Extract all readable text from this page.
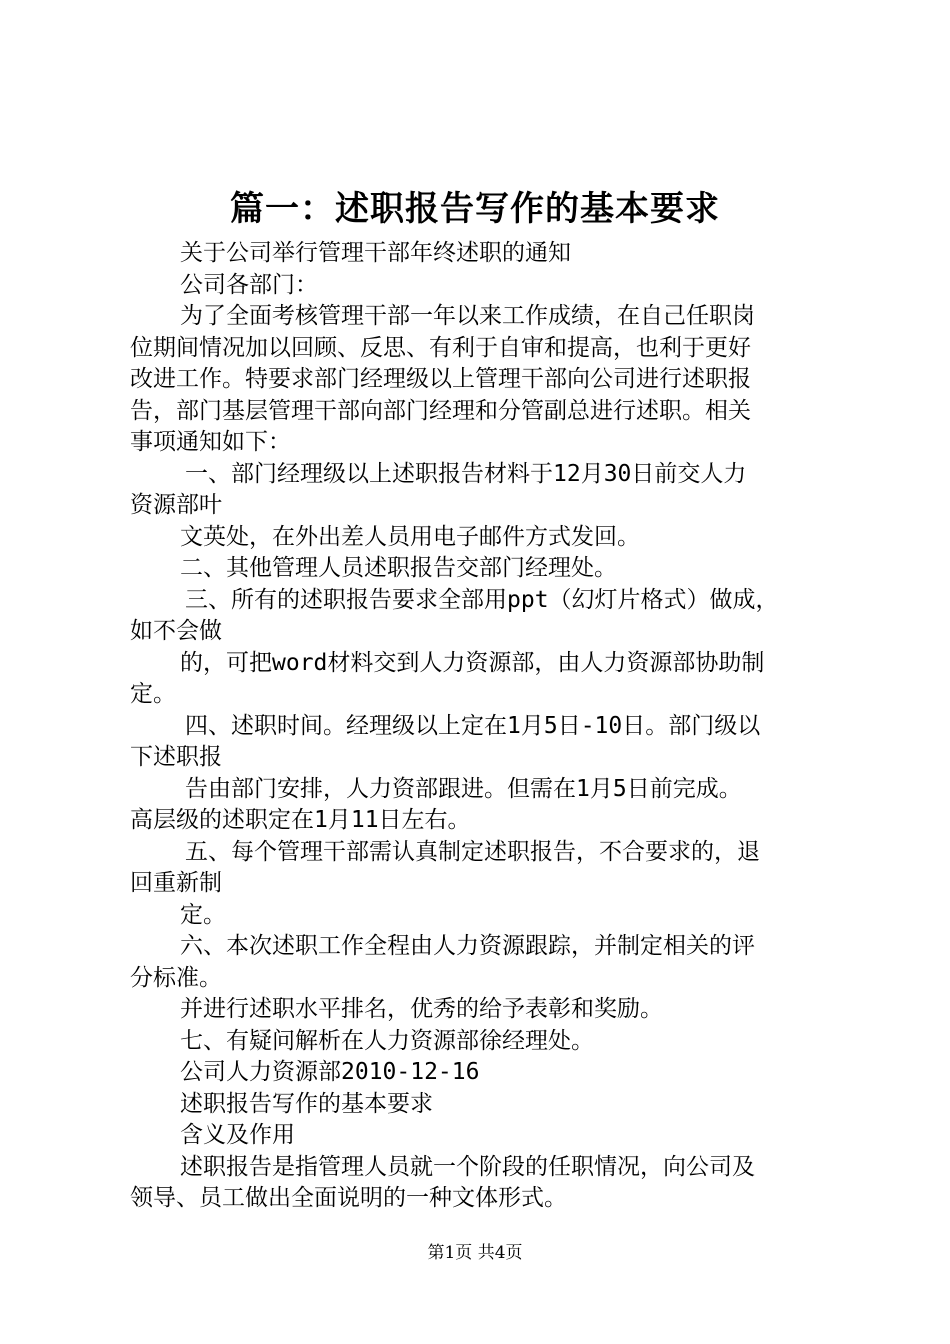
篇一：述职报告写作的基本要求

关于公司举行管理干部年终述职的通知

公司各部门：

为了全面考核管理干部一年以来工作成绩，在自己任职岗

位期间情况加以回顾、反思、有利于自审和提高，也利于更好

改进工作。特要求部门经理级以上管理干部向公司进行述职报

告，部门基层管理干部向部门经理和分管副总进行述职。相关

事项通知如下：

一、部门经理级以上述职报告材料于12月30日前交人力

资源部叶

文英处，在外出差人员用电子邮件方式发回。

二、其他管理人员述职报告交部门经理处。

三、所有的述职报告要求全部用ppt（幻灯片格式）做成，

如不会做

的，可把word材料交到人力资源部，由人力资源部协助制

定。

四、述职时间。经理级以上定在1月5日-10日。部门级以

下述职报

告由部门安排，人力资部跟进。但需在1月5日前完成。

高层级的述职定在1月11日左右。

五、每个管理干部需认真制定述职报告，不合要求的，退

回重新制

定。

六、本次述职工作全程由人力资源跟踪，并制定相关的评

分标准。

并进行述职水平排名，优秀的给予表彰和奖励。

七、有疑问解析在人力资源部徐经理处。

公司人力资源部2010-12-16

述职报告写作的基本要求

含义及作用

述职报告是指管理人员就一个阶段的任职情况，向公司及

领导、员工做出全面说明的一种文体形式。

第1页 共4页
